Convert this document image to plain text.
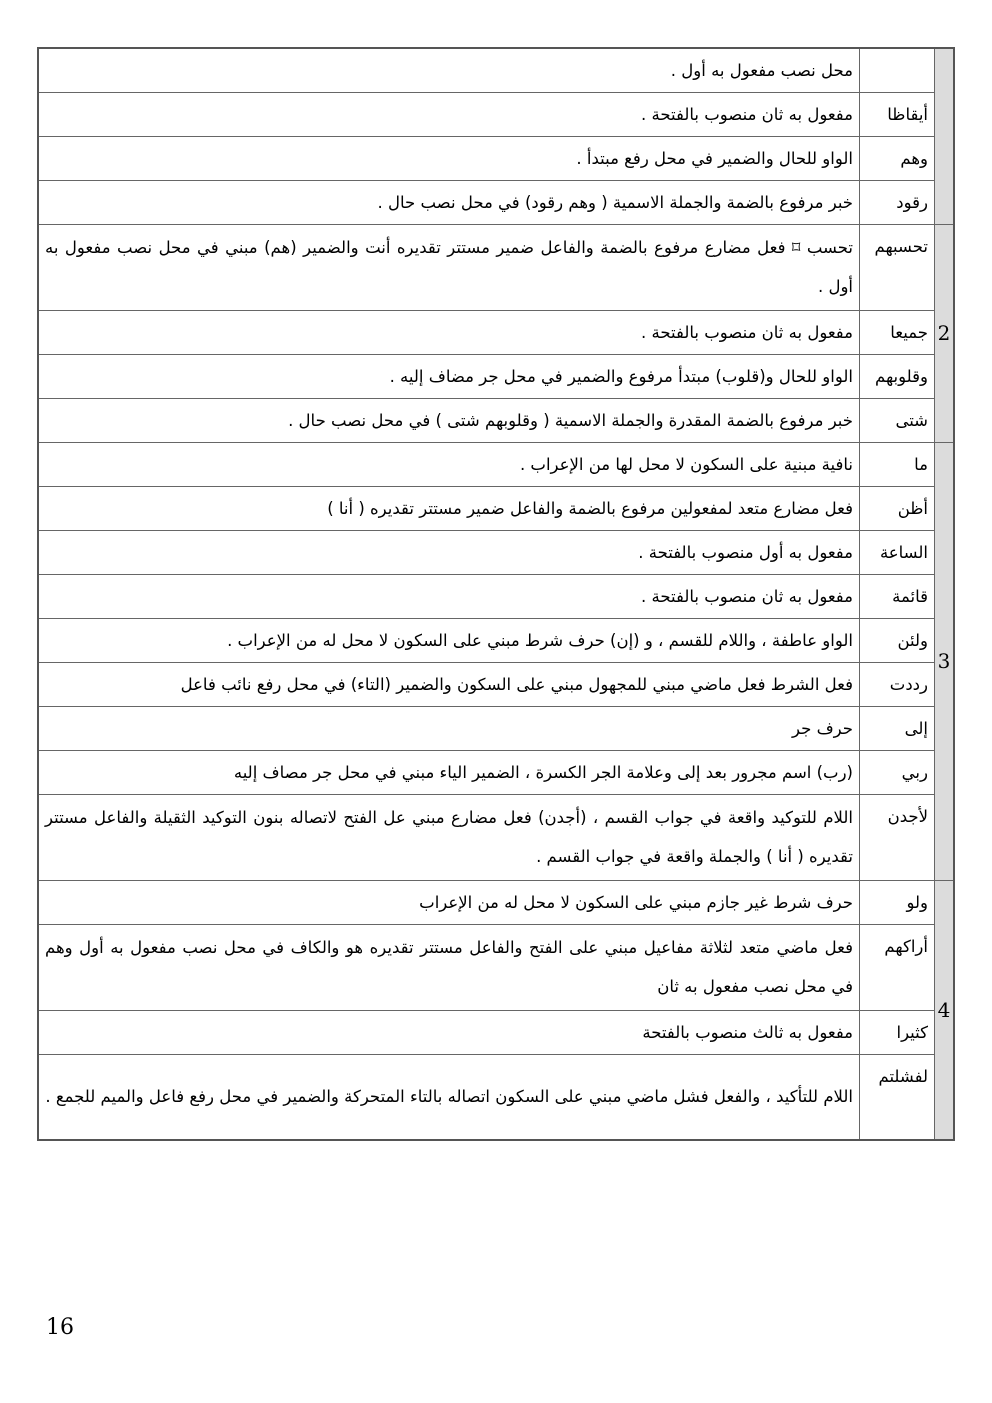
		محل نصب مفعول به أول .
	أيقاظا	مفعول به ثان منصوب بالفتحة .
	وهم	الواو للحال والضمير في محل رفع مبتدأ .
	رقود	خبر مرفوع بالضمة والجملة الاسمية ( وهم رقود) في محل نصب حال .
2	تحسبهم	تحسب ⌑ فعل مضارع مرفوع بالضمة والفاعل ضمير مستتر تقديره أنت والضمير (هم) مبني في محل نصب مفعول به أول .
	جميعا	مفعول به ثان منصوب بالفتحة .
	وقلوبهم	الواو للحال و(قلوب) مبتدأ مرفوع والضمير في محل جر مضاف إليه .
	شتى	خبر مرفوع بالضمة المقدرة والجملة الاسمية ( وقلوبهم شتى ) في محل نصب حال .
3	ما	نافية مبنية على السكون لا محل لها من الإعراب .
	أظن	فعل مضارع متعد لمفعولين مرفوع بالضمة والفاعل ضمير مستتر تقديره ( أنا )
	الساعة	مفعول به أول منصوب بالفتحة .
	قائمة	مفعول به ثان منصوب بالفتحة .
	ولئن	الواو عاطفة ، واللام للقسم ، و (إن) حرف شرط مبني على السكون لا محل له من الإعراب .
	رددت	فعل الشرط فعل ماضي مبني للمجهول مبني على السكون والضمير (التاء) في محل رفع نائب فاعل
	إلى	حرف جر
	ربي	(رب) اسم مجرور بعد إلى وعلامة الجر الكسرة ، الضمير الياء مبني في محل جر مصاف إليه
	لأجدن	اللام للتوكيد واقعة في جواب القسم ، (أجدن) فعل مضارع مبني عل الفتح لاتصاله بنون التوكيد الثقيلة والفاعل مستتر تقديره ( أنا ) والجملة واقعة في جواب القسم .
4	ولو	حرف شرط غير جازم مبني على السكون لا محل له من الإعراب
	أراكهم	فعل ماضي متعد لثلاثة مفاعيل مبني على الفتح والفاعل مستتر تقديره هو والكاف في محل نصب مفعول به أول وهم في محل نصب مفعول به ثان
	كثيرا	مفعول به ثالث منصوب بالفتحة
	لفشلتم	اللام للتأكيد ، والفعل فشل ماضي مبني على السكون اتصاله بالتاء المتحركة والضمير في محل رفع فاعل والميم للجمع .
16
